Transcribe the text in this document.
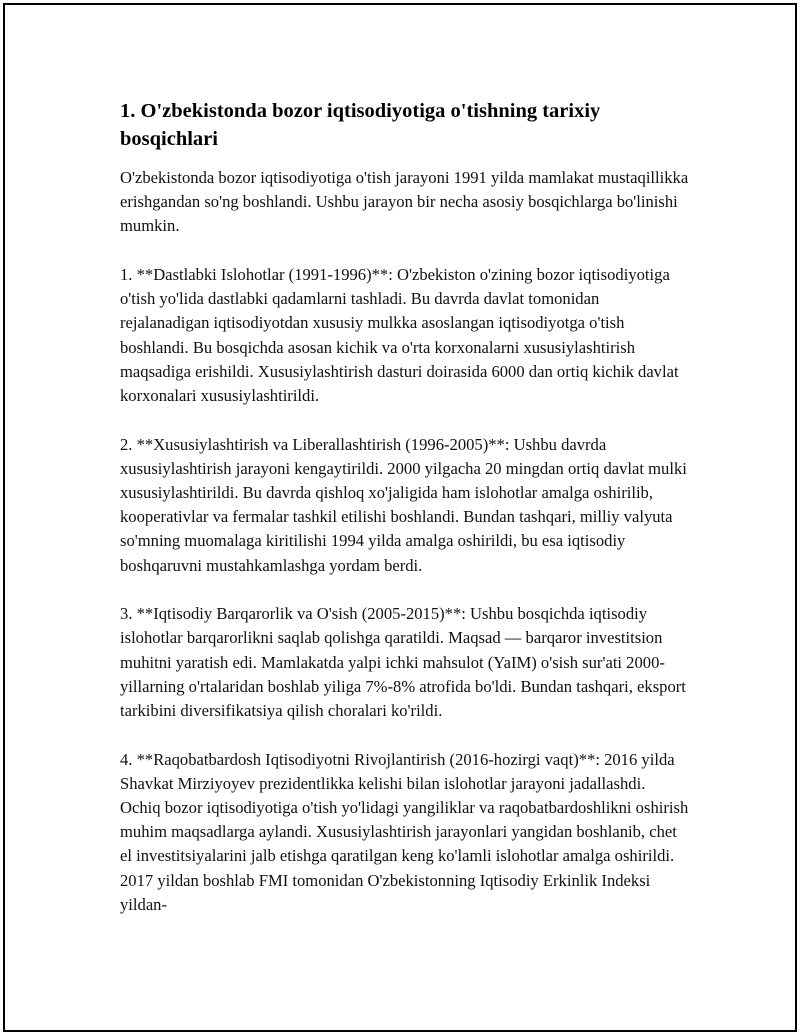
1. O'zbekistonda bozor iqtisodiyotiga o'tishning tarixiy bosqichlari

O'zbekistonda bozor iqtisodiyotiga o'tish jarayoni 1991 yilda mamlakat mustaqillikka erishgandan so'ng boshlandi. Ushbu jarayon bir necha asosiy bosqichlarga bo'linishi mumkin.

1. **Dastlabki Islohotlar (1991-1996)**: O'zbekiston o'zining bozor iqtisodiyotiga o'tish yo'lida dastlabki qadamlarni tashladi. Bu davrda davlat tomonidan rejalanadigan iqtisodiyotdan xususiy mulkka asoslangan iqtisodiyotga o'tish boshlandi. Bu bosqichda asosan kichik va o'rta korxonalarni xususiylashtirish maqsadiga erishildi. Xususiylashtirish dasturi doirasida 6000 dan ortiq kichik davlat korxonalari xususiylashtirildi.

2. **Xususiylashtirish va Liberallashtirish (1996-2005)**: Ushbu davrda xususiylashtirish jarayoni kengaytirildi. 2000 yilgacha 20 mingdan ortiq davlat mulki xususiylashtirildi. Bu davrda qishloq xo'jaligida ham islohotlar amalga oshirilib, kooperativlar va fermalar tashkil etilishi boshlandi. Bundan tashqari, milliy valyuta so'mning muomalaga kiritilishi 1994 yilda amalga oshirildi, bu esa iqtisodiy boshqaruvni mustahkamlashga yordam berdi.

3. **Iqtisodiy Barqarorlik va O'sish (2005-2015)**: Ushbu bosqichda iqtisodiy islohotlar barqarorlikni saqlab qolishga qaratildi. Maqsad — barqaror investitsion muhitni yaratish edi. Mamlakatda yalpi ichki mahsulot (YaIM) o'sish sur'ati 2000-yillarning o'rtalaridan boshlab yiliga 7%-8% atrofida bo'ldi. Bundan tashqari, eksport tarkibini diversifikatsiya qilish choralari ko'rildi.

4. **Raqobatbardosh Iqtisodiyotni Rivojlantirish (2016-hozirgi vaqt)**: 2016 yilda Shavkat Mirziyoyev prezidentlikka kelishi bilan islohotlar jarayoni jadallashdi. Ochiq bozor iqtisodiyotiga o'tish yo'lidagi yangiliklar va raqobatbardoshlikni oshirish muhim maqsadlarga aylandi. Xususiylashtirish jarayonlari yangidan boshlanib, chet el investitsiyalarini jalb etishga qaratilgan keng ko'lamli islohotlar amalga oshirildi. 2017 yildan boshlab FMI tomonidan O'zbekistonning Iqtisodiy Erkinlik Indeksi yildan-
